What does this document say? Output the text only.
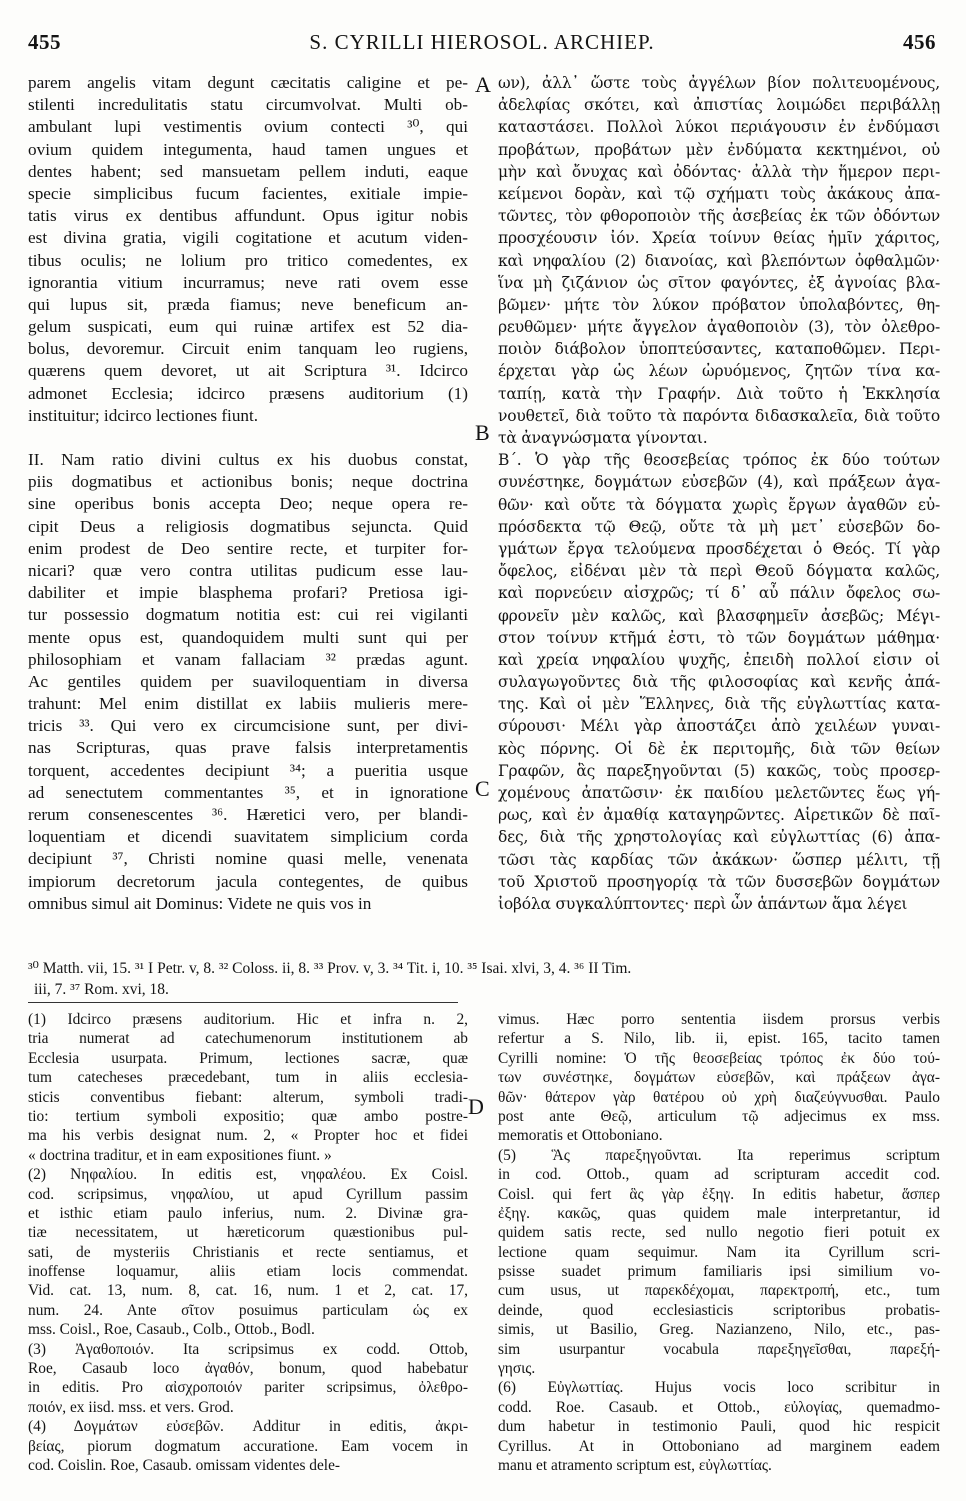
455	S. CYRILLI HIEROSOL. ARCHIEP.	456
parem angelis vitam degunt cæcitatis caligine et pe-
stilenti incredulitatis statu circumvolvat. Multi ob-
ambulant lupi vestimentis ovium contecti ³⁰, qui
ovium quidem integumenta, haud tamen ungues et
dentes habent; sed mansuetam pellem induti, eaque
specie simplicibus fucum facientes, exitiale impie-
tatis virus ex dentibus affundunt. Opus igitur nobis
est divina gratia, vigili cogitatione et acutum viden-
tibus oculis; ne lolium pro tritico comedentes, ex
ignorantia vitium incurramus; neve rati ovem esse
qui lupus sit, præda fiamus; neve beneficum an-
gelum suspicati, eum qui ruinæ artifex est 52 dia-
bolus, devoremur. Circuit enim tanquam leo rugiens,
quærens quem devoret, ut ait Scriptura ³¹. Idcirco
admonet Ecclesia; idcirco præsens auditorium (1)
instituitur; idcirco lectiones fiunt.
II. Nam ratio divini cultus ex his duobus constat,
piis dogmatibus et actionibus bonis; neque doctrina
sine operibus bonis accepta Deo; neque opera re-
cipit Deus a religiosis dogmatibus sejuncta. Quid
enim prodest de Deo sentire recte, et turpiter for-
nicari? quæ vero contra utilitas pudicum esse lau-
dabiliter et impie blasphema profari? Pretiosa igi-
tur possessio dogmatum notitia est: cui rei vigilanti
mente opus est, quandoquidem multi sunt qui per
philosophiam et vanam fallaciam ³² prædas agunt.
Ac gentiles quidem per suaviloquentiam in diversa
trahunt: Mel enim distillat ex labiis mulieris mere-
tricis ³³. Qui vero ex circumcisione sunt, per divi-
nas Scripturas, quas prave falsis interpretamentis
torquent, accedentes decipiunt ³⁴; a pueritia usque
ad senectutem commentantes ³⁵, et in ignoratione
rerum consenescentes ³⁶. Hæretici vero, per blandi-
loquentiam et dicendi suavitatem simplicium corda
decipiunt ³⁷, Christi nomine quasi melle, venenata
impiorum decretorum jacula contegentes, de quibus
omnibus simul ait Dominus: Videte ne quis vos in
ων), ἀλλ᾽ ὥστε τοὺς ἀγγέλων βίον πολιτευομένους,
ἀδελφίας σκότει, καὶ ἀπιστίας λοιμώδει περιβάλλῃ
καταστάσει. Πολλοὶ λύκοι περιάγουσιν ἐν ἐνδύμασι
προβάτων, προβάτων μὲν ἐνδύματα κεκτημένοι, οὐ
μὴν καὶ ὄνυχας καὶ ὀδόντας· ἀλλὰ τὴν ἥμερον περι-
κείμενοι δορὰν, καὶ τῷ σχήματι τοὺς ἀκάκους ἀπα-
τῶντες, τὸν φθοροποιὸν τῆς ἀσεβείας ἐκ τῶν ὀδόντων
προσχέουσιν ἰόν. Χρεία τοίνυν θείας ἡμῖν χάριτος,
καὶ νηφαλίου (2) διανοίας, καὶ βλεπόντων ὀφθαλμῶν·
ἵνα μὴ ζιζάνιον ὡς σῖτον φαγόντες, ἐξ ἀγνοίας βλα-
βῶμεν· μήτε τὸν λύκον πρόβατον ὑπολαβόντες, θη-
ρευθῶμεν· μήτε ἄγγελον ἀγαθοποιὸν (3), τὸν ὀλεθρο-
ποιὸν διάβολον ὑποπτεύσαντες, καταποθῶμεν. Περι-
έρχεται γὰρ ὡς λέων ὠρυόμενος, ζητῶν τίνα κα-
ταπίῃ, κατὰ τὴν Γραφήν. Διὰ τοῦτο ἡ Ἐκκλησία
νουθετεῖ, διὰ τοῦτο τὰ παρόντα διδασκαλεῖα, διὰ τοῦτο
τὰ ἀναγνώσματα γίνονται.
Β΄. Ὁ γὰρ τῆς θεοσεβείας τρόπος ἐκ δύο τούτων
συνέστηκε, δογμάτων εὐσεβῶν (4), καὶ πράξεων ἀγα-
θῶν· καὶ οὔτε τὰ δόγματα χωρὶς ἔργων ἀγαθῶν εὐ-
πρόσδεκτα τῷ Θεῷ, οὔτε τὰ μὴ μετ᾽ εὐσεβῶν δο-
γμάτων ἔργα τελούμενα προσδέχεται ὁ Θεός. Τί γὰρ
ὄφελος, εἰδέναι μὲν τὰ περὶ Θεοῦ δόγματα καλῶς,
καὶ πορνεύειν αἰσχρῶς; τί δ᾽ αὖ πάλιν ὄφελος σω-
φρονεῖν μὲν καλῶς, καὶ βλασφημεῖν ἀσεβῶς; Μέγι-
στον τοίνυν κτῆμά ἐστι, τὸ τῶν δογμάτων μάθημα·
καὶ χρεία νηφαλίου ψυχῆς, ἐπειδὴ πολλοί εἰσιν οἱ
συλαγωγοῦντες διὰ τῆς φιλοσοφίας καὶ κενῆς ἀπά-
της. Καὶ οἱ μὲν Ἕλληνες, διὰ τῆς εὐγλωττίας κατα-
σύρουσι· Μέλι γὰρ ἀποστάζει ἀπὸ χειλέων γυναι-
κὸς πόρνης. Οἱ δὲ ἐκ περιτομῆς, διὰ τῶν θείων
Γραφῶν, ἃς παρεξηγοῦνται (5) κακῶς, τοὺς προσερ-
χομένους ἀπατῶσιν· ἐκ παιδίου μελετῶντες ἕως γή-
ρως, καὶ ἐν ἀμαθίᾳ καταγηρῶντες. Αἱρετικῶν δὲ παῖ-
δες, διὰ τῆς χρηστολογίας καὶ εὐγλωττίας (6) ἀπα-
τῶσι τὰς καρδίας τῶν ἀκάκων· ὥσπερ μέλιτι, τῇ
τοῦ Χριστοῦ προσηγορίᾳ τὰ τῶν δυσσεβῶν δογμάτων
ἰοβόλα συγκαλύπτοντες· περὶ ὧν ἁπάντων ἅμα λέγει
A
B
C
D
³⁰ Matth. vii, 15. ³¹ I Petr. v, 8. ³² Coloss. ii, 8. ³³ Prov. v, 3. ³⁴ Tit. i, 10. ³⁵ Isai. xlvi, 3, 4. ³⁶ II Tim.
iii, 7. ³⁷ Rom. xvi, 18.
(1) Idcirco præsens auditorium. Hic et infra n. 2,
tria numerat ad catechumenorum institutionem ab
Ecclesia usurpata. Primum, lectiones sacræ, quæ
tum catecheses præcedebant, tum in aliis ecclesia-
sticis conventibus fiebant: alterum, symboli tradi-
tio: tertium symboli expositio; quæ ambo postre-
ma his verbis designat num. 2, « Propter hoc et fidei
« doctrina traditur, et in eam expositiones fiunt. »
(2) Νηφαλίου. In editis est, νηφαλέου. Ex Coisl.
cod. scripsimus, νηφαλίου, ut apud Cyrillum passim
et isthic etiam paulo inferius, num. 2. Divinæ gra-
tiæ necessitatem, ut hæreticorum quæstionibus pul-
sati, de mysteriis Christianis et recte sentiamus, et
inoffense loquamur, aliis etiam locis commendat.
Vid. cat. 13, num. 8, cat. 16, num. 1 et 2, cat. 17,
num. 24. Ante σῖτον posuimus particulam ὡς ex
mss. Coisl., Roe, Casaub., Colb., Ottob., Bodl.
(3) Ἀγαθοποιόν. Ita scripsimus ex codd. Ottob,
Roe, Casaub loco ἀγαθόν, bonum, quod habebatur
in editis. Pro αἰσχροποιόν pariter scripsimus, ὀλεθρο-
ποιόν, ex iisd. mss. et vers. Grod.
(4) Δογμάτων εὐσεβῶν. Additur in editis, ἀκρι-
βείας, piorum dogmatum accuratione. Eam vocem in
cod. Coislin. Roe, Casaub. omissam videntes dele-
vimus. Hæc porro sententia iisdem prorsus verbis
refertur a S. Nilo, lib. ii, epist. 165, tacito tamen
Cyrilli nomine: Ὁ τῆς θεοσεβείας τρόπος ἐκ δύο τού-
των συνέστηκε, δογμάτων εὐσεβῶν, καὶ πράξεων ἀγα-
θῶν· θάτερον γὰρ θατέρου οὐ χρὴ διαζεύγνυσθαι. Paulo
post ante Θεῷ, articulum τῷ adjecimus ex mss.
memoratis et Ottoboniano.
(5) Ἃς παρεξηγοῦνται. Ita reperimus scriptum
in cod. Ottob., quam ad scripturam accedit cod.
Coisl. qui fert ἃς γὰρ ἐξηγ. In editis habetur, ἅσπερ
ἐξηγ. κακῶς, quas quidem male interpretantur, id
quidem satis recte, sed nullo negotio fieri potuit ex
lectione quam sequimur. Nam ita Cyrillum scri-
psisse suadet primum familiaris ipsi similium vo-
cum usus, ut παρεκδέχομαι, παρεκτροπή, etc., tum
deinde, quod ecclesiasticis scriptoribus probatis-
simis, ut Basilio, Greg. Nazianzeno, Nilo, etc., pas-
sim usurpantur vocabula παρεξηγεῖσθαι, παρεξή-
γησις.
(6) Εὐγλωττίας. Hujus vocis loco scribitur in
codd. Roe. Casaub. et Ottob., εὐλογίας, quemadmo-
dum habetur in testimonio Pauli, quod hic respicit
Cyrillus. At in Ottoboniano ad marginem eadem
manu et atramento scriptum est, εὐγλωττίας.
